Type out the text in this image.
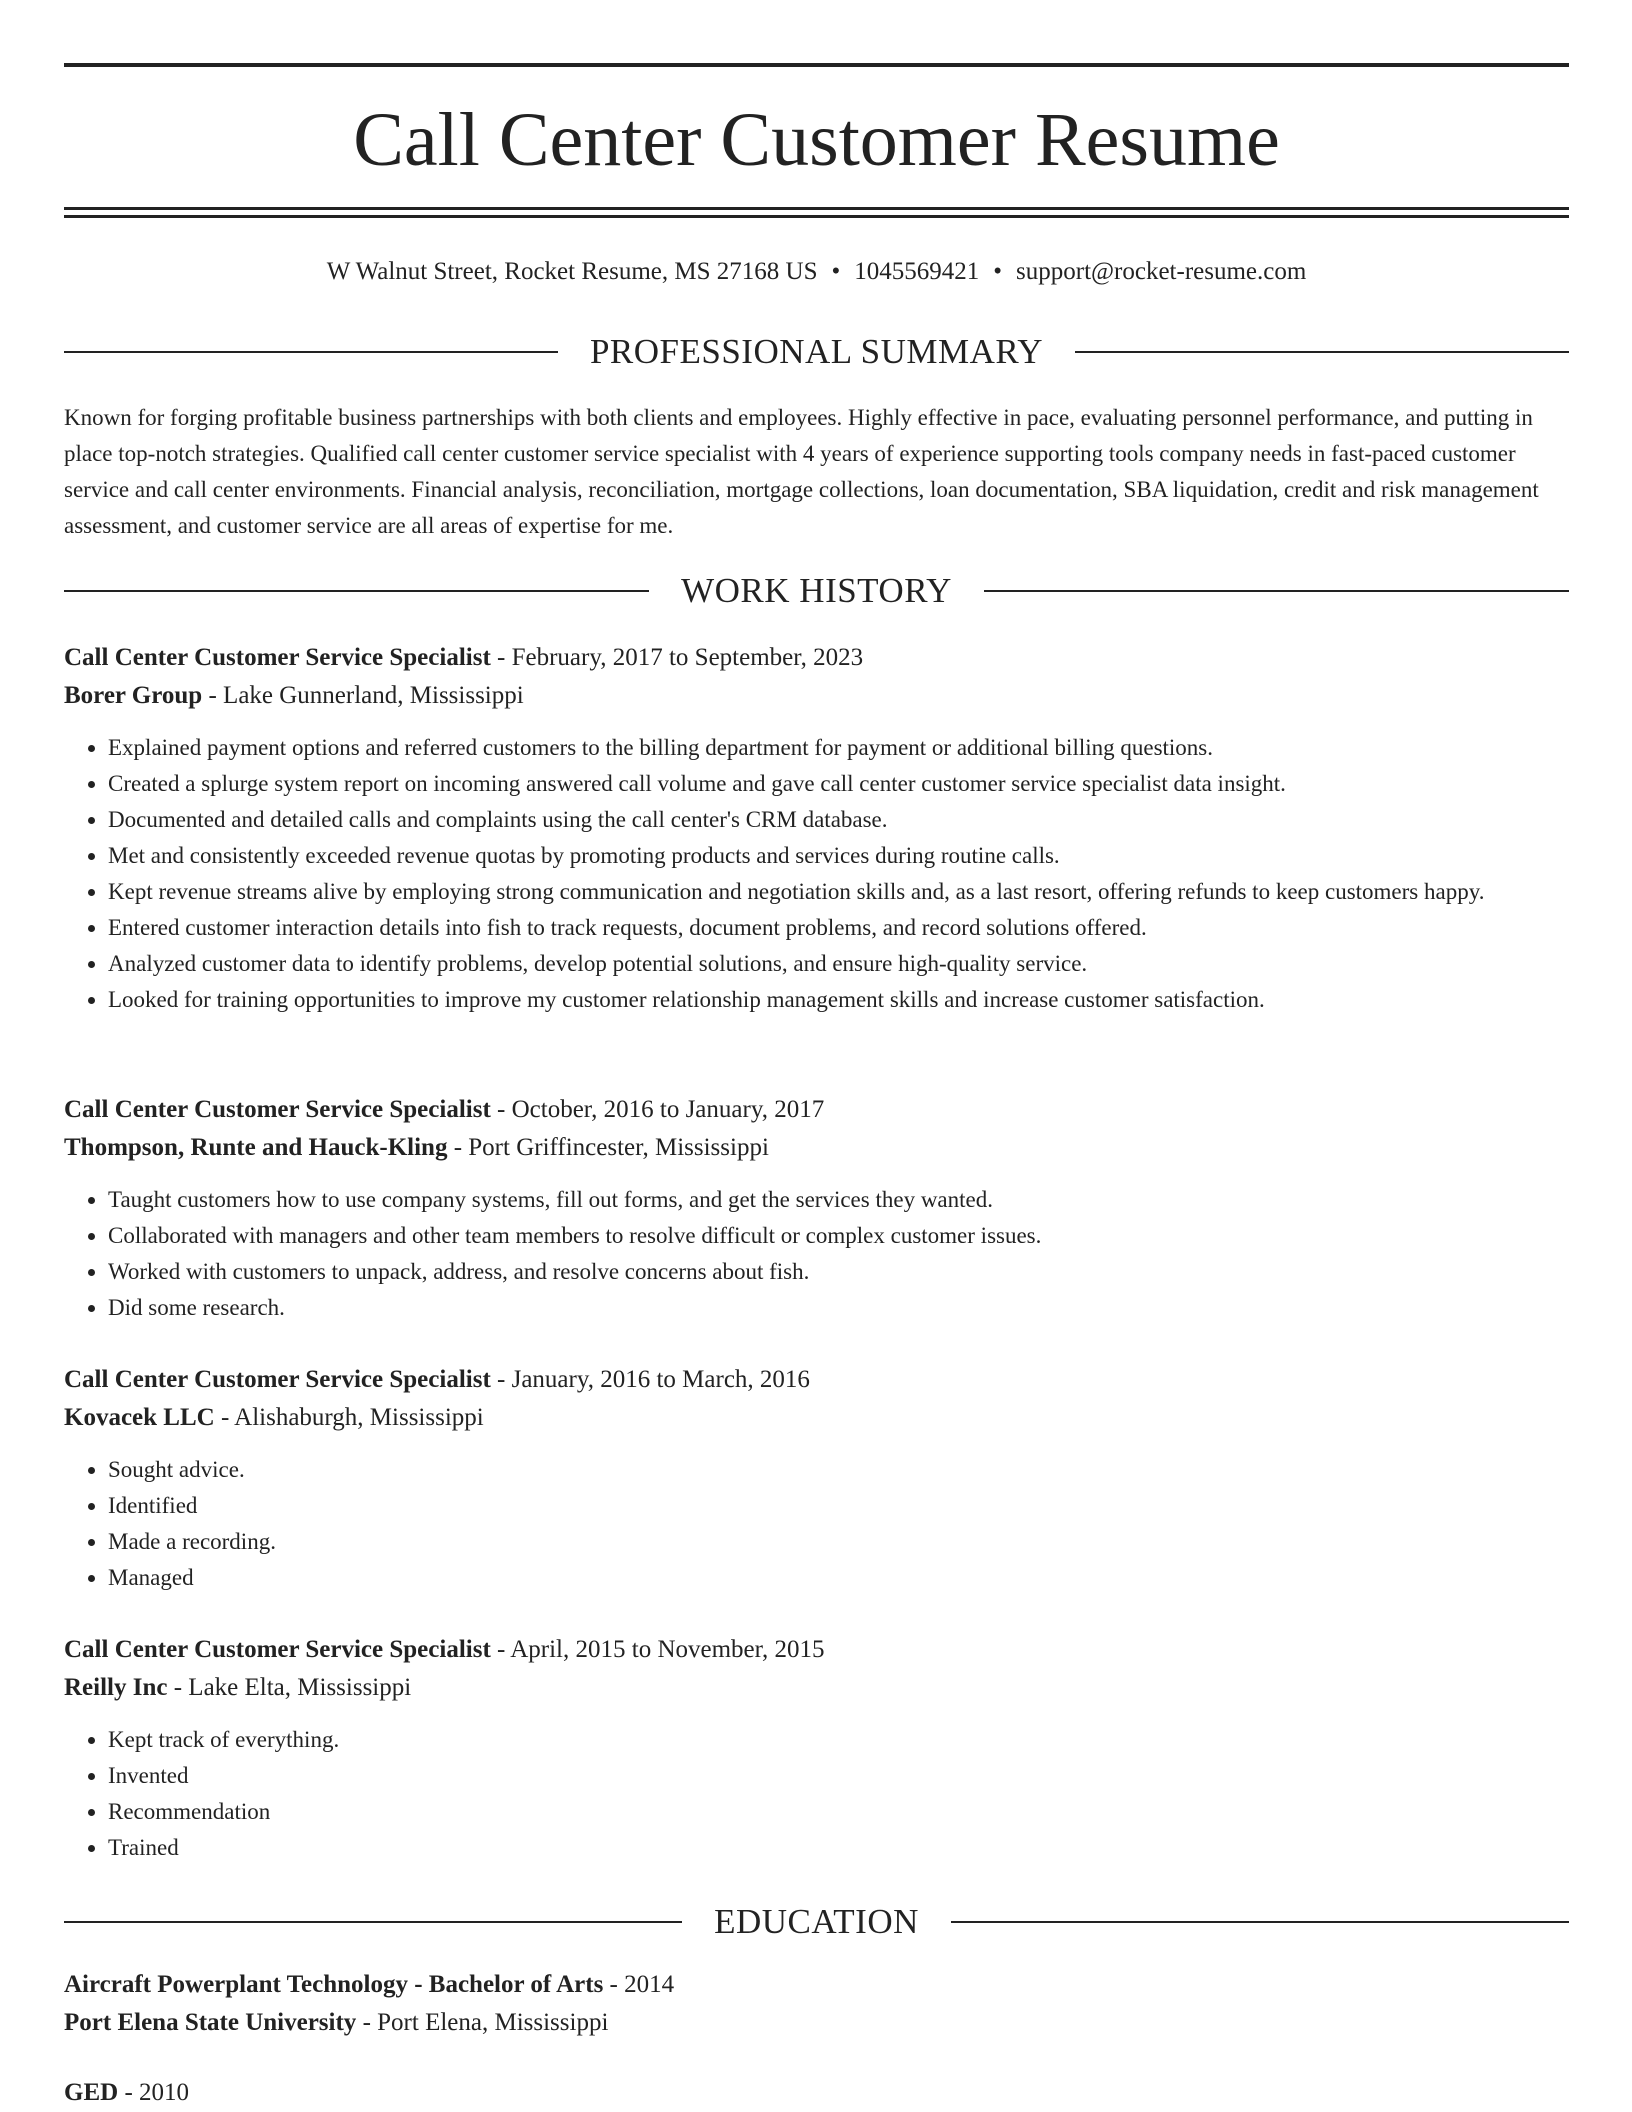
Call Center Customer Resume
W Walnut Street, Rocket Resume, MS 27168 US • 1045569421 • support@rocket-resume.com
PROFESSIONAL SUMMARY

Known for forging profitable business partnerships with both clients and employees. Highly effective in pace, evaluating personnel performance, and putting in place top-notch strategies. Qualified call center customer service specialist with 4 years of experience supporting tools company needs in fast-paced customer service and call center environments. Financial analysis, reconciliation, mortgage collections, loan documentation, SBA liquidation, credit and risk management assessment, and customer service are all areas of expertise for me.

WORK HISTORY
Call Center Customer Service Specialist - February, 2017 to September, 2023
Borer Group - Lake Gunnerland, Mississippi
• Explained payment options and referred customers to the billing department for payment or additional billing questions.
• Created a splurge system report on incoming answered call volume and gave call center customer service specialist data insight.
• Documented and detailed calls and complaints using the call center's CRM database.
• Met and consistently exceeded revenue quotas by promoting products and services during routine calls.
• Kept revenue streams alive by employing strong communication and negotiation skills and, as a last resort, offering refunds to keep customers happy.
• Entered customer interaction details into fish to track requests, document problems, and record solutions offered.
• Analyzed customer data to identify problems, develop potential solutions, and ensure high-quality service.
• Looked for training opportunities to improve my customer relationship management skills and increase customer satisfaction.
Call Center Customer Service Specialist - October, 2016 to January, 2017
Thompson, Runte and Hauck-Kling - Port Griffincester, Mississippi
• Taught customers how to use company systems, fill out forms, and get the services they wanted.
• Collaborated with managers and other team members to resolve difficult or complex customer issues.
• Worked with customers to unpack, address, and resolve concerns about fish.
• Did some research.
Call Center Customer Service Specialist - January, 2016 to March, 2016
Kovacek LLC - Alishaburgh, Mississippi
• Sought advice.
• Identified
• Made a recording.
• Managed
Call Center Customer Service Specialist - April, 2015 to November, 2015
Reilly Inc - Lake Elta, Mississippi
• Kept track of everything.
• Invented
• Recommendation
• Trained
EDUCATION
Aircraft Powerplant Technology - Bachelor of Arts - 2014
Port Elena State University - Port Elena, Mississippi
GED - 2010
